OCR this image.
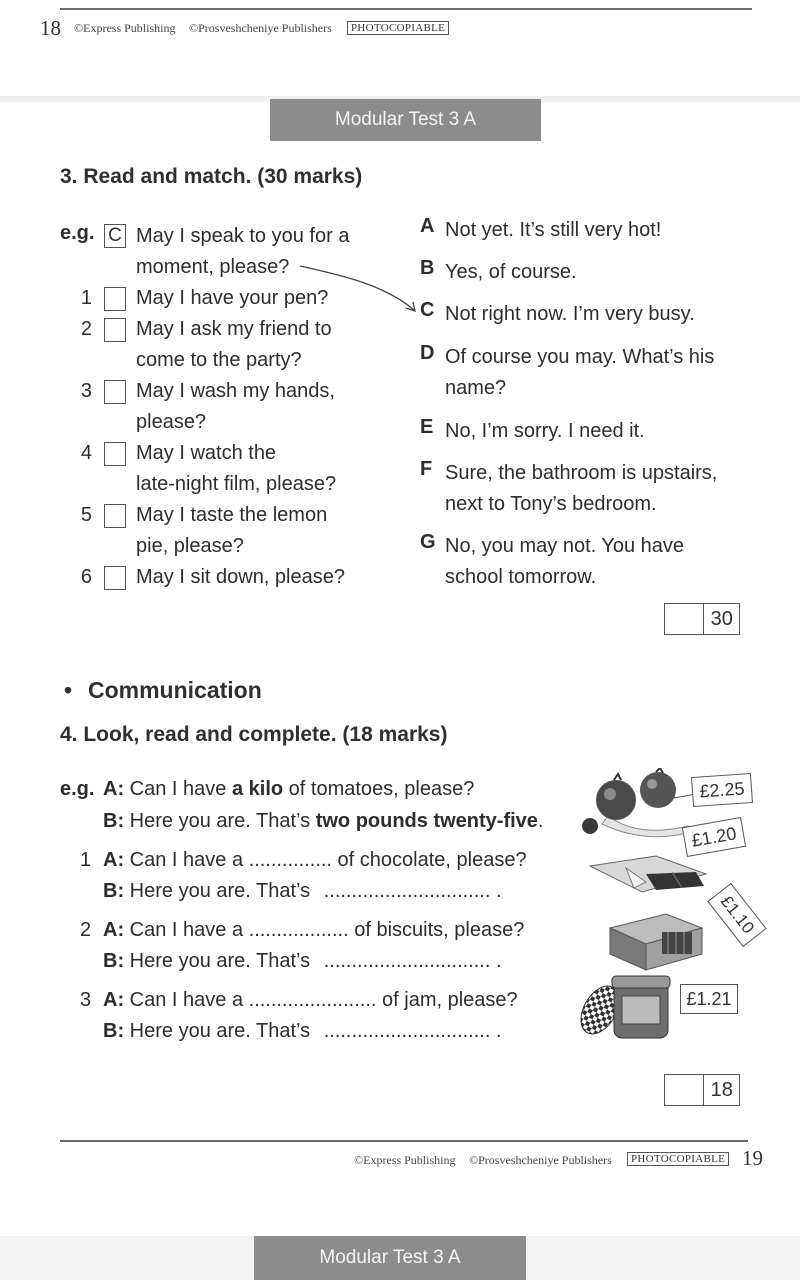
18 ©Express Publishing ©Prosveshcheniye Publishers	PHOTOCOPIABLE
Modular Test 3 A
3. Read and match. (30 marks)
e.g. C May I speak to you for a
moment, please?
1 May I have your pen?
2 May I ask my friend to
come to the party?
3 May I wash my hands,
please?
4 May I watch the
late-night film, please?
5 May I taste the lemon
pie, please?
6 May I sit down, please?
A Not yet. It’s still very hot!
B Yes, of course.
C Not right now. I’m very busy.
D Of course you may. What’s his
name?
E No, I’m sorry. I need it.
F Sure, the bathroom is upstairs,
next to Tony’s bedroom.
G No, you may not. You have
school tomorrow.
30
• Communication
4. Look, read and complete. (18 marks)
e.g. A: Can I have a kilo of tomatoes, please?
B: Here you are. That’s two pounds twenty-five.
1 A: Can I have a ............... of chocolate, please?
B: Here you are. That’s .............................. .
2 A: Can I have a .................. of biscuits, please?
B: Here you are. That’s .............................. .
3 A: Can I have a ....................... of jam, please?
B: Here you are. That’s .............................. .
£2.25
£1.20
£1.10
£1.21
18
©Express Publishing ©Prosveshcheniye Publishers	PHOTOCOPIABLE 19
Modular Test 3 A
